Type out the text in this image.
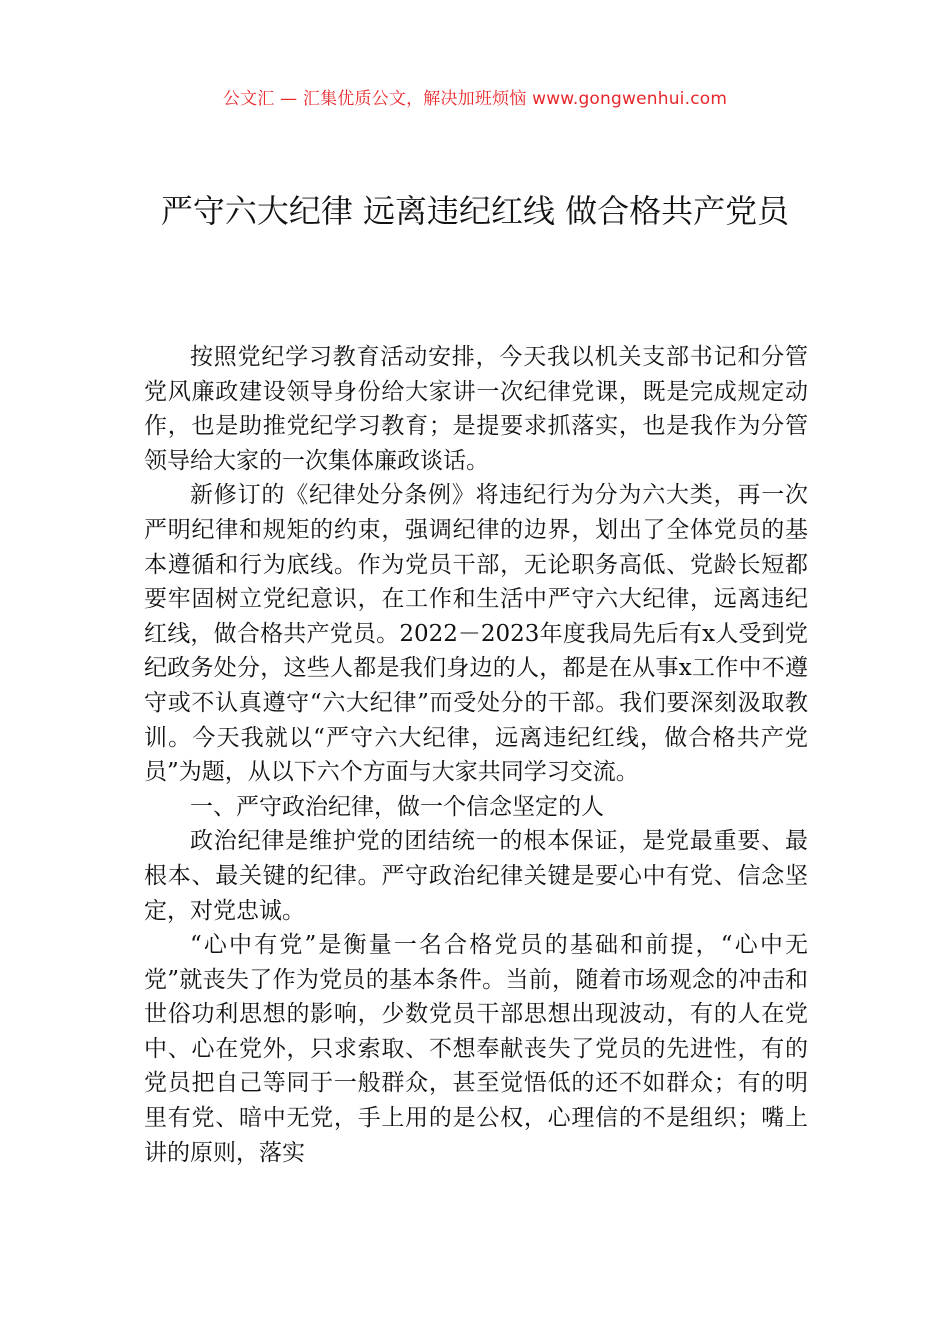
公文汇 — 汇集优质公文，解决加班烦恼 www.gongwenhui.com
严守六大纪律 远离违纪红线 做合格共产党员

按照党纪学习教育活动安排，今天我以机关支部书记和分管党风廉政建设领导身份给大家讲一次纪律党课，既是完成规定动作，也是助推党纪学习教育；是提要求抓落实，也是我作为分管领导给大家的一次集体廉政谈话。

新修订的《纪律处分条例》将违纪行为分为六大类，再一次严明纪律和规矩的约束，强调纪律的边界，划出了全体党员的基本遵循和行为底线。作为党员干部，无论职务高低、党龄长短都要牢固树立党纪意识，在工作和生活中严守六大纪律，远离违纪红线，做合格共产党员。2022－2023年度我局先后有x人受到党纪政务处分，这些人都是我们身边的人，都是在从事x工作中不遵守或不认真遵守“六大纪律”而受处分的干部。我们要深刻汲取教训。今天我就以“严守六大纪律，远离违纪红线，做合格共产党员”为题，从以下六个方面与大家共同学习交流。

一、严守政治纪律，做一个信念坚定的人

政治纪律是维护党的团结统一的根本保证，是党最重要、最根本、最关键的纪律。严守政治纪律关键是要心中有党、信念坚定，对党忠诚。

“心中有党”是衡量一名合格党员的基础和前提，“心中无党”就丧失了作为党员的基本条件。当前，随着市场观念的冲击和世俗功利思想的影响，少数党员干部思想出现波动，有的人在党中、心在党外，只求索取、不想奉献丧失了党员的先进性，有的党员把自己等同于一般群众，甚至觉悟低的还不如群众；有的明里有党、暗中无党，手上用的是公权，心理信的不是组织；嘴上讲的原则，落实
